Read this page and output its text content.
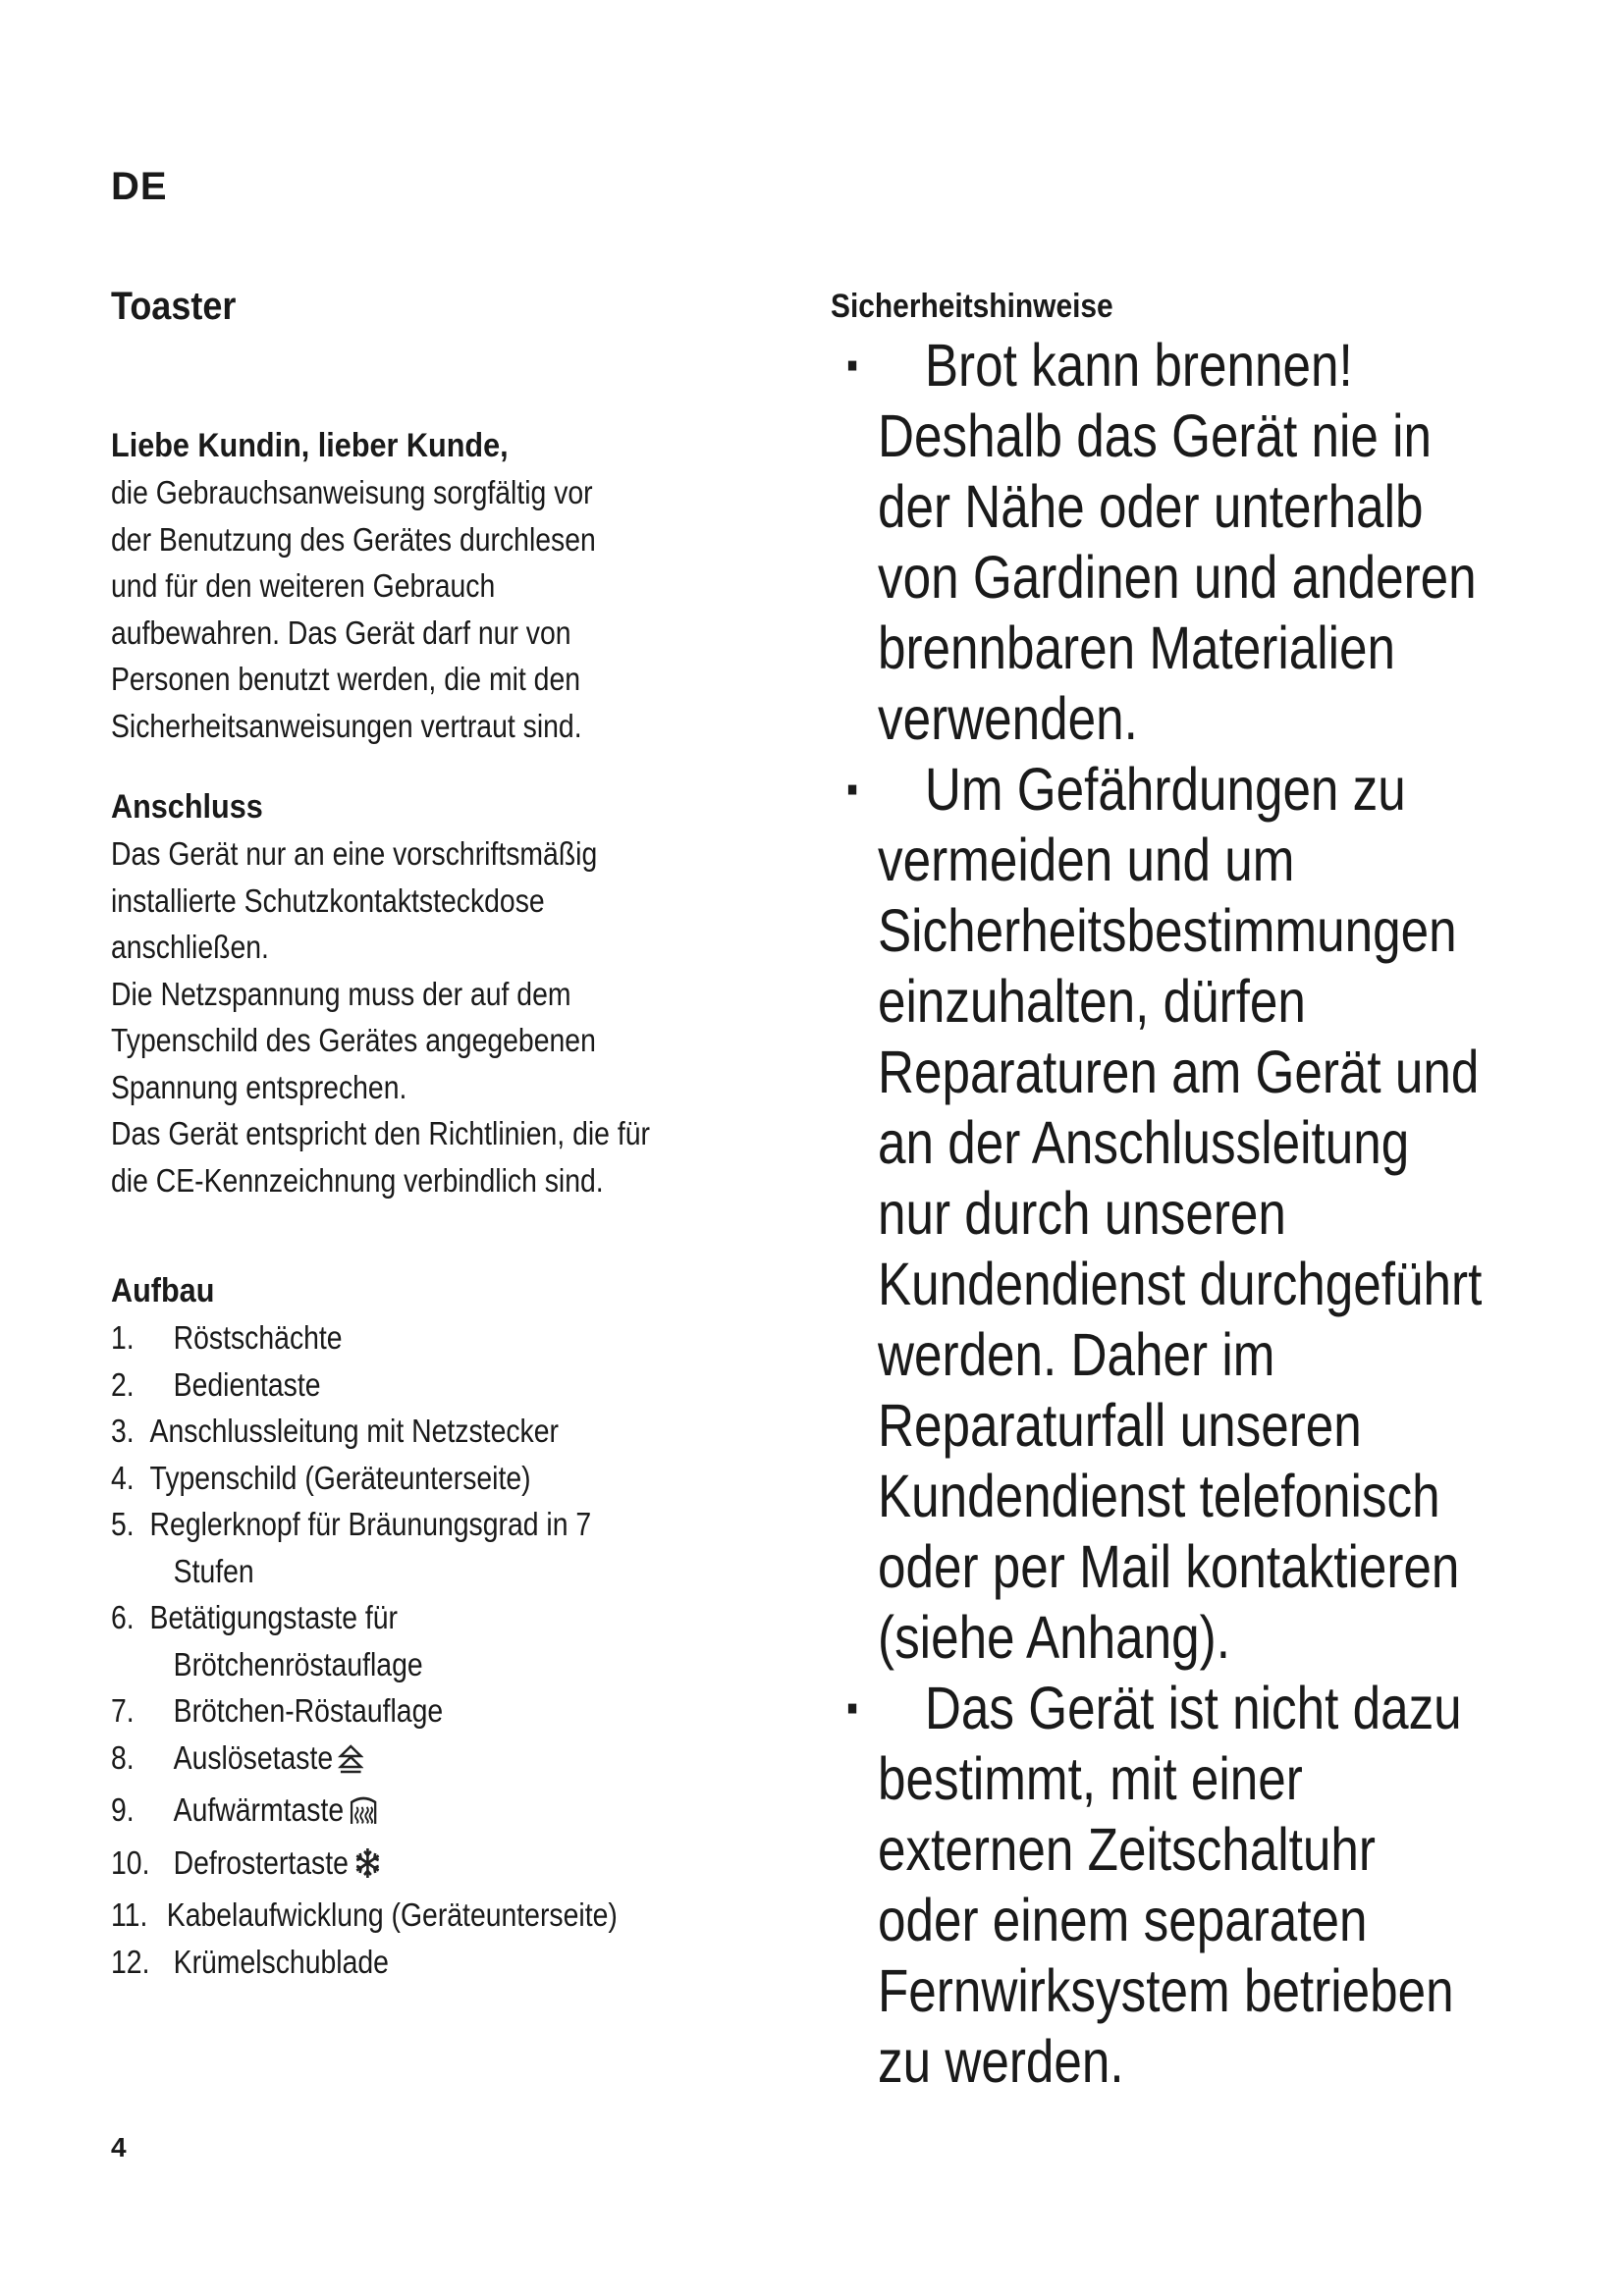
DE
Toaster
Liebe Kundin, lieber Kunde,

die Gebrauchsanweisung sorgfältig vor
der Benutzung des Gerätes durchlesen
und für den weiteren Gebrauch
aufbewahren. Das Gerät darf nur von
Personen benutzt werden, die mit den
Sicherheitsanweisungen vertraut sind.

Anschluss

Das Gerät nur an eine vorschriftsmäßig
installierte Schutzkontaktsteckdose
anschließen.
Die Netzspannung muss der auf dem
Typenschild des Gerätes angegebenen
Spannung entsprechen.
Das Gerät entspricht den Richtlinien, die für
die CE-Kennzeichnung verbindlich sind.

Aufbau
1. Röstschächte
2. Bedientaste
3. Anschlussleitung mit Netzstecker
4. Typenschild (Geräteunterseite)
5. Reglerknopf für Bräunungsgrad in 7
Stufen
6. Betätigungstaste für
Brötchenröstauflage
7. Brötchen-Röstauflage
8. Auslösetaste
9. Aufwärmtaste
10. Defrostertaste
11. Kabelaufwicklung (Geräteunterseite)
12. Krümelschublade
Sicherheitshinweise
▪ Brot kann brennen!
Deshalb das Gerät nie in
der Nähe oder unterhalb
von Gardinen und anderen
brennbaren Materialien
verwenden.
▪ Um Gefährdungen zu
vermeiden und um
Sicherheitsbestimmungen
einzuhalten, dürfen
Reparaturen am Gerät und
an der Anschlussleitung
nur durch unseren
Kundendienst durchgeführt
werden. Daher im
Reparaturfall unseren
Kundendienst telefonisch
oder per Mail kontaktieren
(siehe Anhang).
▪ Das Gerät ist nicht dazu
bestimmt, mit einer
externen Zeitschaltuhr
oder einem separaten
Fernwirksystem betrieben
zu werden.
4
